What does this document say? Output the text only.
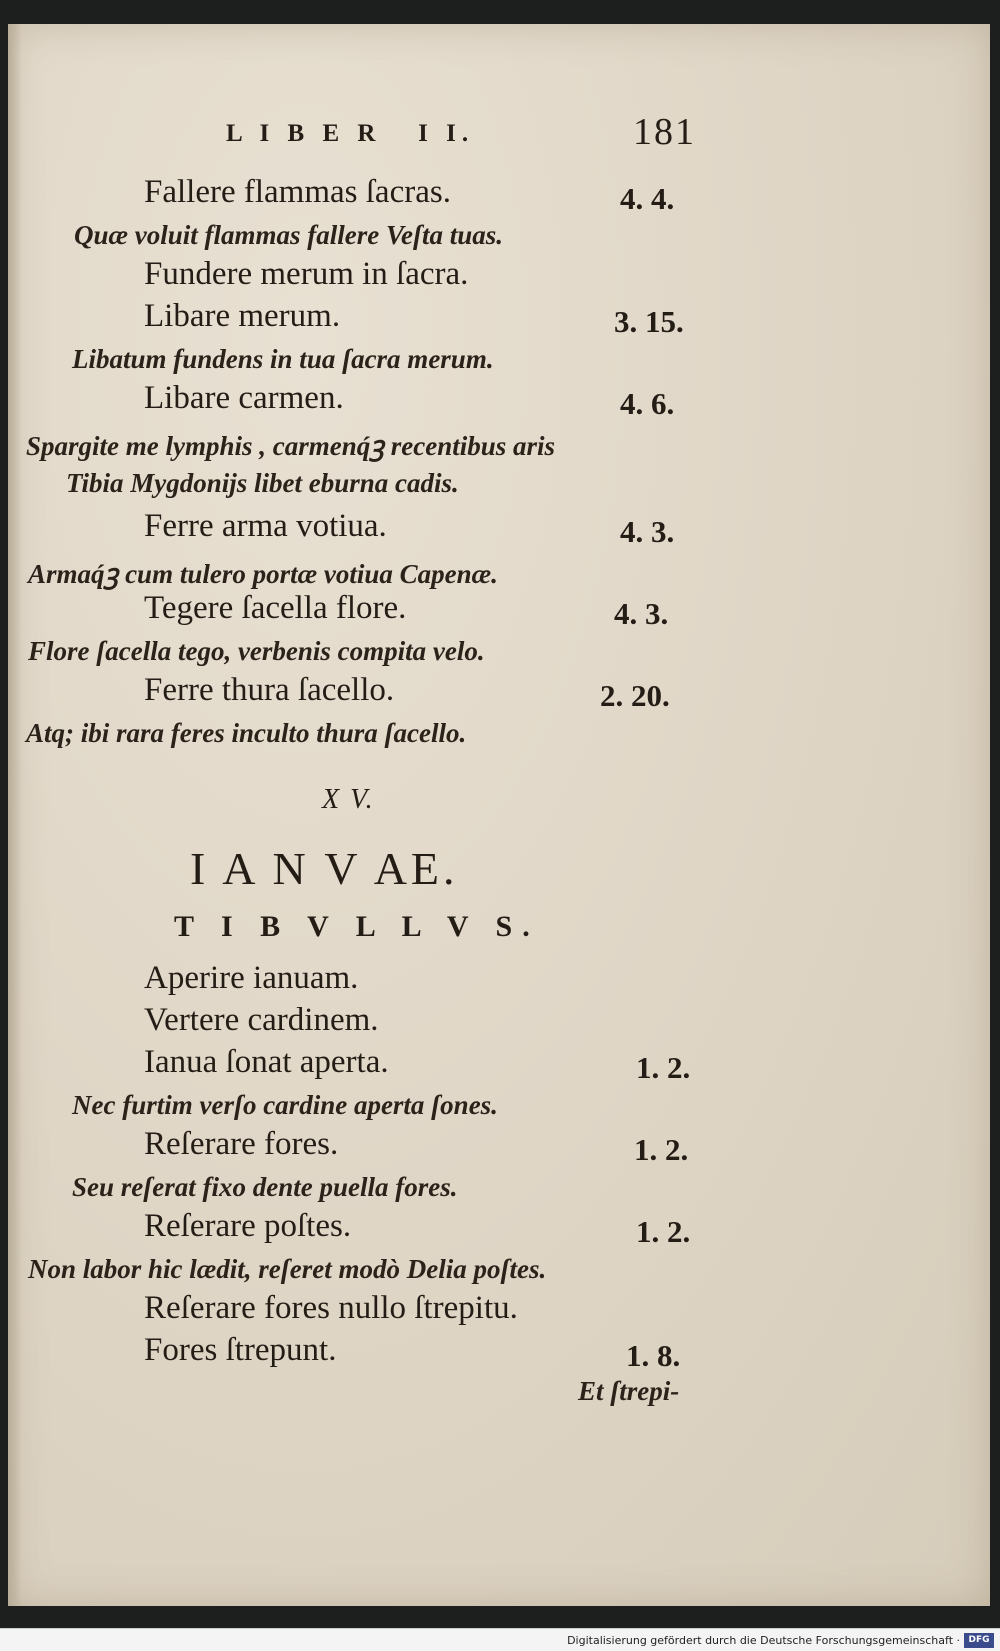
L I B E R   I I.	181
Fallere flammas ſacras.	4. 4.
Quæ voluit flammas fallere Veſta tuas.
Fundere merum in ſacra.
Libare merum.	3. 15.
Libatum fundens in tua ſacra merum.
Libare carmen.	4. 6.
Spargite me lymphis , carmenq́ꝫ recentibus aris
Tibia Mygdonijs libet eburna cadis.
Ferre arma votiua.	4. 3.
Armaq́ꝫ cum tulero portæ votiua Capenæ.
Tegere ſacella flore.	4. 3.
Flore ſacella tego, verbenis compita velo.
Ferre thura ſacello.	2. 20.
Atq; ibi rara feres inculto thura ſacello.
X V.
I A N V AE.
T I B V L L V S.
Aperire ianuam.
Vertere cardinem.
Ianua ſonat aperta.	1. 2.
Nec furtim verſo cardine aperta ſones.
Reſerare fores.	1. 2.
Seu reſerat fixo dente puella fores.
Reſerare poſtes.	1. 2.
Non labor hic lædit, reſeret modò Delia poſtes.
Reſerare fores nullo ſtrepitu.
Fores ſtrepunt.	1. 8.
Et ſtrepi-
Digitalisierung gefördert durch die Deutsche Forschungsgemeinschaft · DFG
